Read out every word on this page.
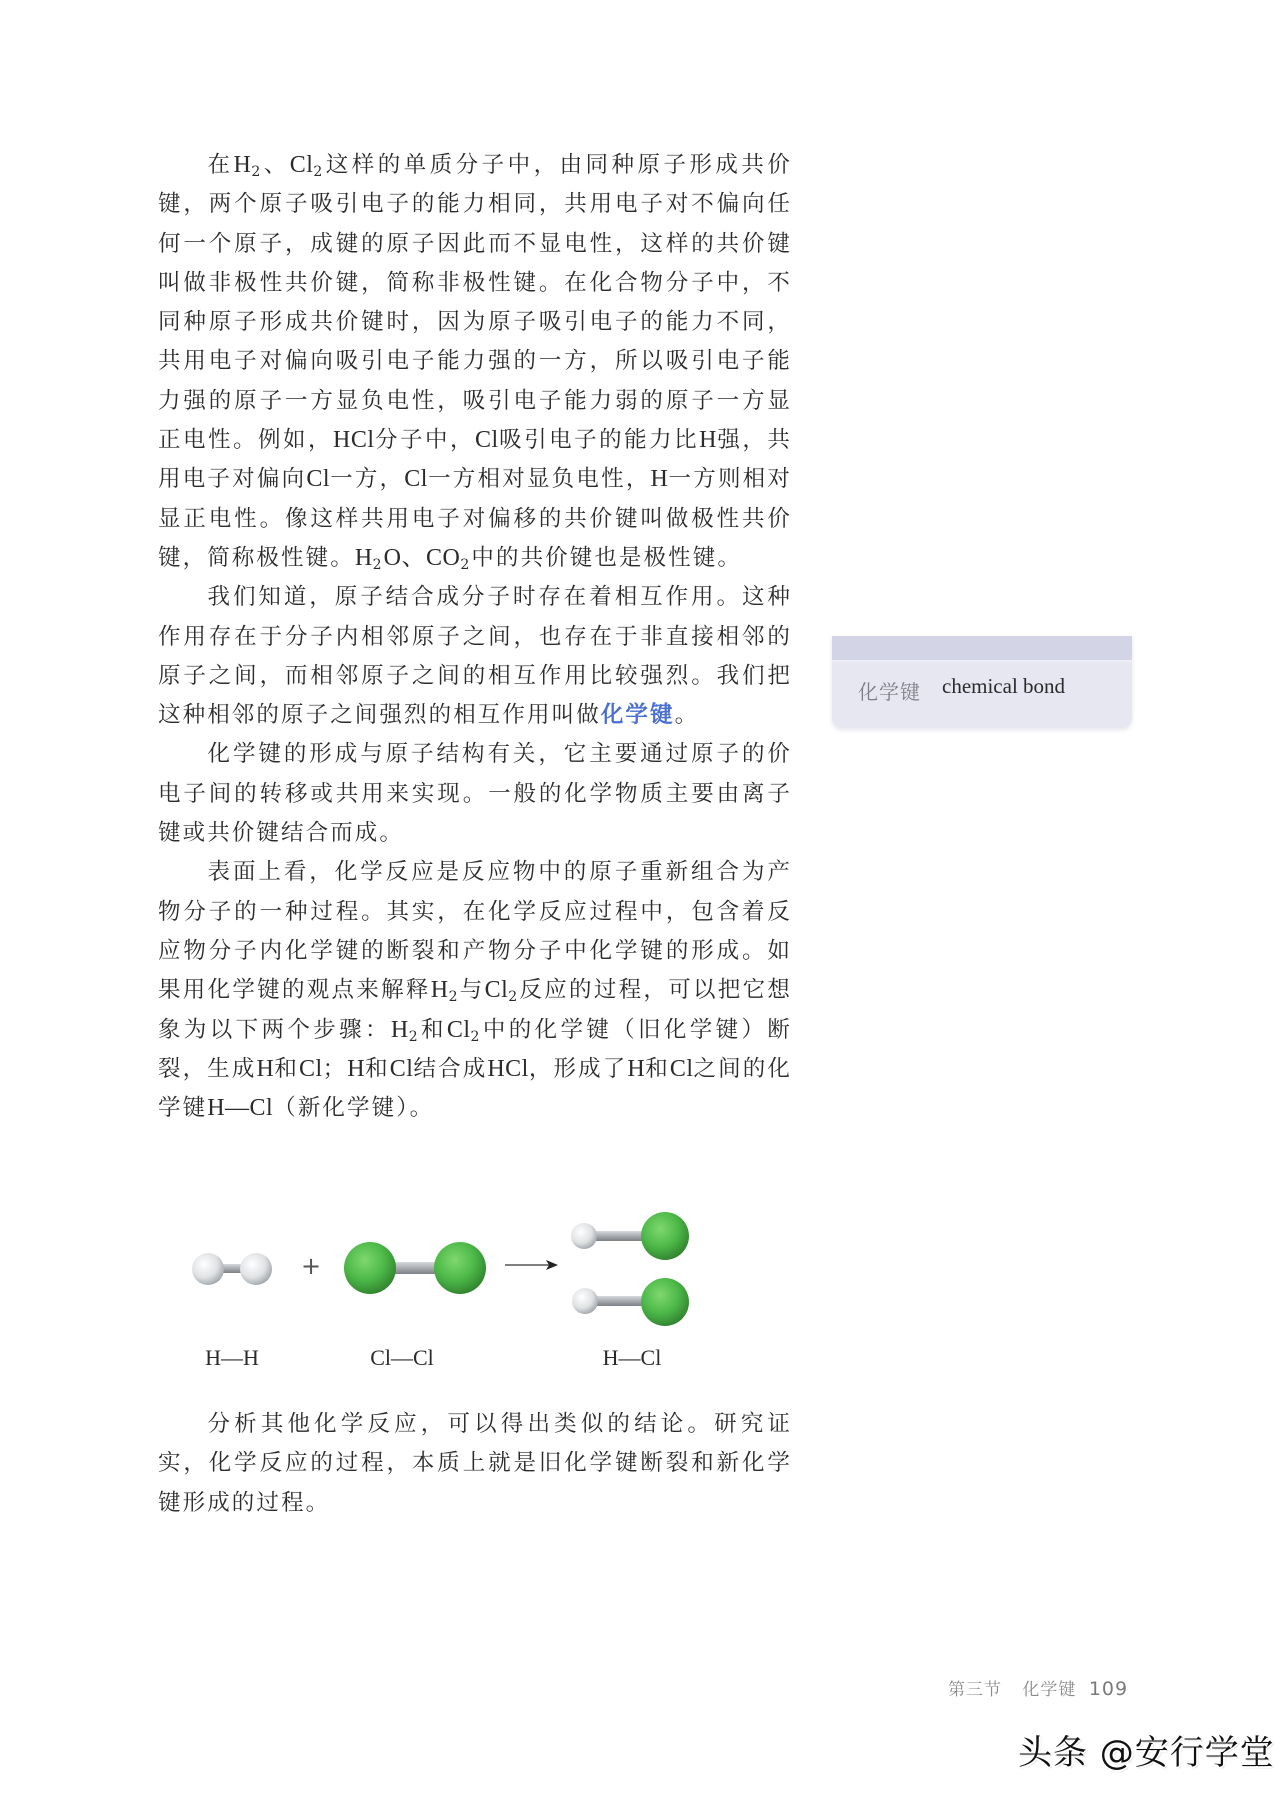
在$H_2$、$Cl_2$这样的单质分子中，由同种原子形成共价键，两个原子吸引电子的能力相同，共用电子对不偏向任何一个原子，成键的原子因此而不显电性，这样的共价键叫做非极性共价键，简称非极性键。在化合物分子中，不同种原子形成共价键时，因为原子吸引电子的能力不同，共用电子对偏向吸引电子能力强的一方，所以吸引电子能力强的原子一方显负电性，吸引电子能力弱的原子一方显正电性。例如，HCl分子中，Cl吸引电子的能力比H强，共用电子对偏向Cl一方，Cl一方相对显负电性，H一方则相对显正电性。像这样共用电子对偏移的共价键叫做极性共价键，简称极性键。$H_2O$、$CO_2$中的共价键也是极性键。

我们知道，原子结合成分子时存在着相互作用。这种作用存在于分子内相邻原子之间，也存在于非直接相邻的原子之间，而相邻原子之间的相互作用比较强烈。我们把这种相邻的原子之间强烈的相互作用叫做化学键。

化学键的形成与原子结构有关，它主要通过原子的价电子间的转移或共用来实现。一般的化学物质主要由离子键或共价键结合而成。

表面上看，化学反应是反应物中的原子重新组合为产物分子的一种过程。其实，在化学反应过程中，包含着反应物分子内化学键的断裂和产物分子中化学键的形成。如果用化学键的观点来解释$H_2$与$Cl_2$反应的过程，可以把它想象为以下两个步骤：$H_2$和$Cl_2$中的化学键（旧化学键）断裂，生成H和Cl；H和Cl结合成HCl，形成了H和Cl之间的化学键H—Cl（新化学键）。

化学键 chemical bond
+
H—H	Cl—Cl	H—Cl

分析其他化学反应，可以得出类似的结论。研究证实，化学反应的过程，本质上就是旧化学键断裂和新化学键形成的过程。

第三节 化学键 109
头条 @安行学堂
